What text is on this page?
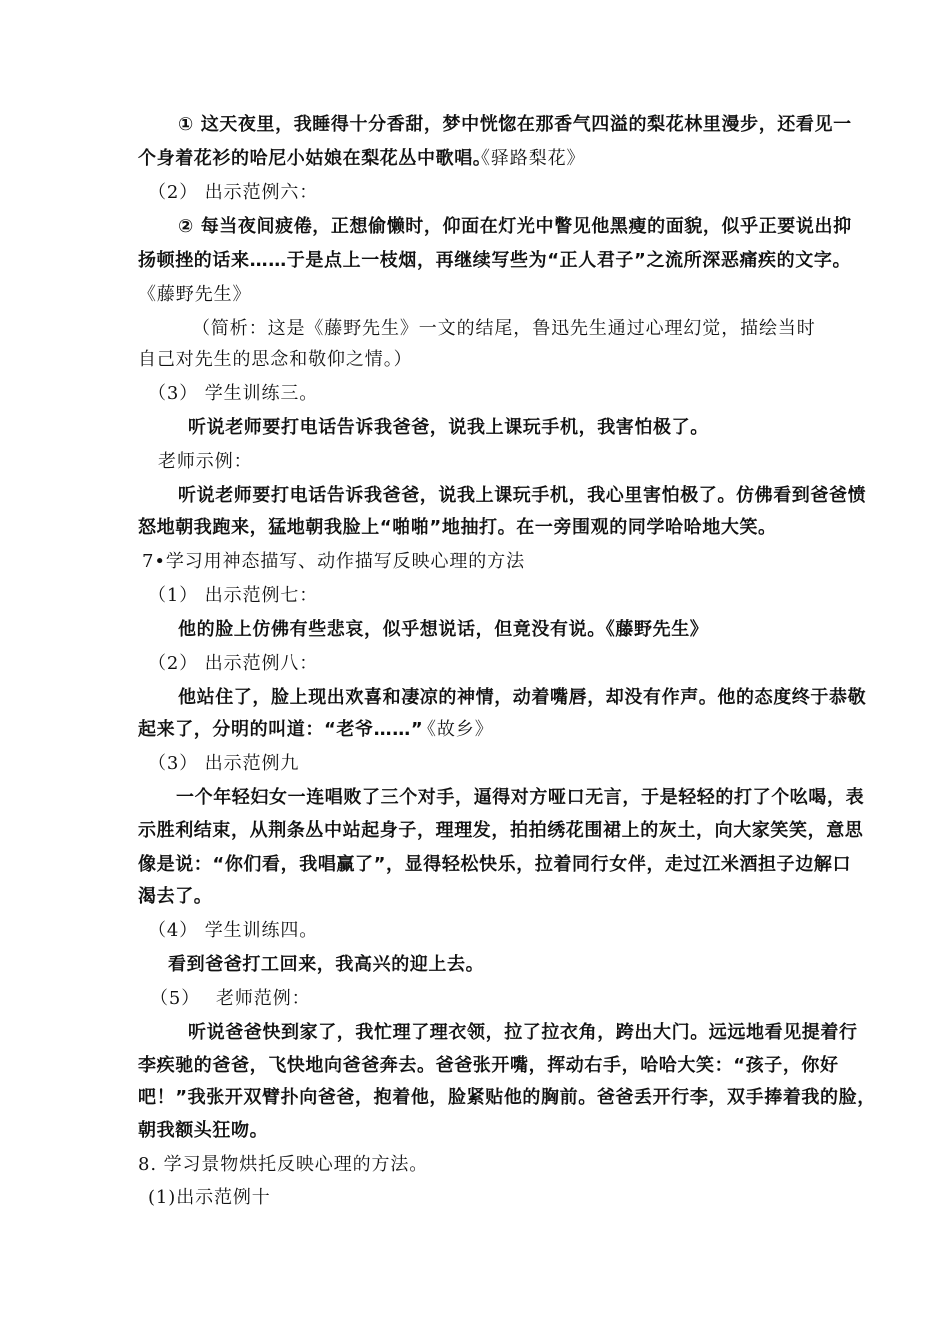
① 这天夜里，我睡得十分香甜，梦中恍惚在那香气四溢的梨花林里漫步，还看见一

个身着花衫的哈尼小姑娘在梨花丛中歌唱。

《驿路梨花》

（2） 出示范例六：

② 每当夜间疲倦，正想偷懒时，仰面在灯光中瞥见他黑瘦的面貌，似乎正要说出抑

扬顿挫的话来……于是点上一枝烟，再继续写些为“正人君子”之流所深恶痛疾的文字。

《藤野先生》

（简析：这是《藤野先生》一文的结尾，鲁迅先生通过心理幻觉，描绘当时

自己对先生的思念和敬仰之情。）

（3） 学生训练三。

听说老师要打电话告诉我爸爸，说我上课玩手机，我害怕极了。

老师示例：

听说老师要打电话告诉我爸爸，说我上课玩手机，我心里害怕极了。仿佛看到爸爸愤

怒地朝我跑来，猛地朝我脸上“啪啪”地抽打。在一旁围观的同学哈哈地大笑。

7•学习用神态描写、动作描写反映心理的方法

（1） 出示范例七：

他的脸上仿佛有些悲哀，似乎想说话，但竟没有说。《藤野先生》

（2） 出示范例八：

他站住了，脸上现出欢喜和凄凉的神情，动着嘴唇，却没有作声。他的态度终于恭敬

起来了，分明的叫道：“老爷……”

《故乡》

（3） 出示范例九

一个年轻妇女一连唱败了三个对手，逼得对方哑口无言，于是轻轻的打了个吆喝，表

示胜利结束，从荆条丛中站起身子，理理发，拍拍绣花围裙上的灰土，向大家笑笑，意思

像是说：“你们看，我唱赢了”，显得轻松快乐，拉着同行女伴，走过江米酒担子边解口

渴去了。

（4） 学生训练四。

看到爸爸打工回来，我高兴的迎上去。

（5） 老师范例：

听说爸爸快到家了，我忙理了理衣领，拉了拉衣角，跨出大门。远远地看见提着行

李疾驰的爸爸，飞快地向爸爸奔去。爸爸张开嘴，挥动右手，哈哈大笑：“孩子，你好

吧！”我张开双臂扑向爸爸，抱着他，脸紧贴他的胸前。爸爸丢开行李，双手捧着我的脸，

朝我额头狂吻。

8. 学习景物烘托反映心理的方法。

(1)出示范例十
